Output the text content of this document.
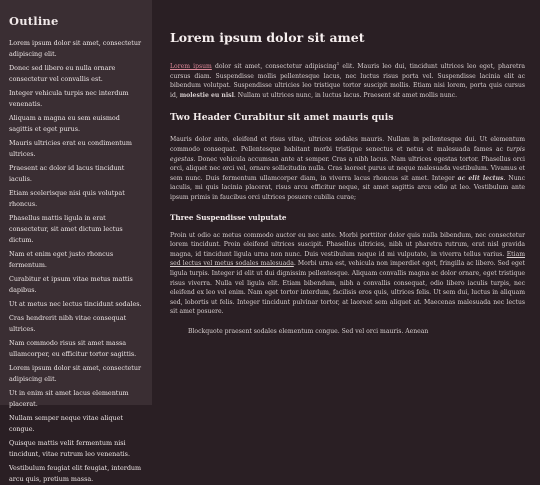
Outline
Lorem ipsum dolor sit amet, consectetur adipiscing elit.
Donec sed libero eu nulla ornare consectetur vel convallis est.
Integer vehicula turpis nec interdum venenatis.
Aliquam a magna eu sem euismod sagittis et eget purus.
Mauris ultricies erat eu condimentum ultrices.
Praesent ac dolor id lacus tincidunt iaculis.
Etiam scelerisque nisi quis volutpat rhoncus.
Phasellus mattis ligula in erat consectetur, sit amet dictum lectus dictum.
Nam et enim eget justo rhoncus fermentum.
Curabitur et ipsum vitae metus mattis dapibus.
Ut at metus nec lectus tincidunt sodales.
Cras hendrerit nibh vitae consequat ultrices.
Nam commodo risus sit amet massa ullamcorper, eu efficitur tortor sagittis.
Lorem ipsum dolor sit amet, consectetur adipiscing elit.
Ut in enim sit amet lacus elementum placerat.
Nullam semper neque vitae aliquet congue.
Quisque mattis velit fermentum nisi tincidunt, vitae rutrum leo venenatis.
Vestibulum feugiat elit feugiat, interdum arcu quis, pretium massa.
Lorem ipsum dolor sit amet

Lorem ipsum dolor sit amet, consectetur adipiscing$^1$ elit. Mauris leo dui, tincidunt ultrices leo eget, pharetra cursus diam. Suspendisse mollis pellentesque lacus, nec luctus risus porta vel. Suspendisse lacinia elit ac bibendum volutpat. Suspendisse ultricies leo tristique tortor suscipit mollis. Etiam nisi lorem, porta quis cursus id, molestie eu nisl. Nullam ut ultrices nunc, in luctus lacus. Praesent sit amet mollis nunc.

Two Header Curabitur sit amet mauris quis

Mauris dolor ante, eleifend et risus vitae, ultrices sodales mauris. Nullam in pellentesque dui. Ut elementum commodo consequat. Pellentesque habitant morbi tristique senectus et netus et malesuada fames ac turpis egestas. Donec vehicula accumsan ante at semper. Cras a nibh lacus. Nam ultrices egestas tortor. Phasellus orci orci, aliquet nec orci vel, ornare sollicitudin nulla. Cras laoreet purus ut neque malesuada vestibulum. Vivamus et sem nunc. Duis fermentum ullamcorper diam, in viverra lacus rhoncus sit amet. Integer ac elit lectus. Nunc iaculis, mi quis lacinia placerat, risus arcu efficitur neque, sit amet sagittis arcu odio at leo. Vestibulum ante ipsum primis in faucibus orci ultrices posuere cubilia curae;

Three Suspendisse vulputate

Proin ut odio ac metus commodo auctor eu nec ante. Morbi porttitor dolor quis nulla bibendum, nec consectetur lorem tincidunt. Proin eleifend ultrices suscipit. Phasellus ultricies, nibh ut pharetra rutrum, erat nisl gravida magna, id tincidunt ligula urna non nunc. Duis vestibulum neque id mi vulputate, in viverra tellus varius. Etiam sed lectus vel metus sodales malesuada. Morbi urna est, vehicula non imperdiet eget, fringilla ac libero. Sed eget ligula turpis. Integer id elit ut dui dignissim pellentesque. Aliquam convallis magna ac dolor ornare, eget tristique risus viverra. Nulla vel ligula elit. Etiam bibendum, nibh a convallis consequat, odio libero iaculis turpis, nec eleifend ex leo vel enim. Nam eget tortor interdum, facilisis eros quis, ultrices felis. Ut sem dui, luctus in aliquam sed, lobortis ut felis. Integer tincidunt pulvinar tortor, at laoreet sem aliquet at. Maecenas malesuada nec lectus sit amet posuere.

Blockquote praesent sodales elementum congue. Sed vel orci mauris. Aenean
